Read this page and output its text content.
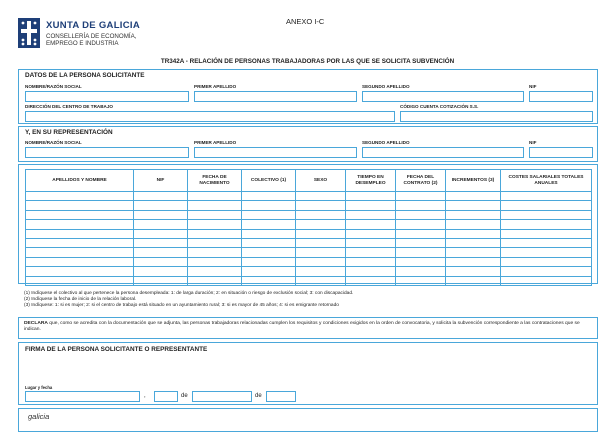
XUNTA DE GALICIA
CONSELLERÍA DE ECONOMÍA,
EMPREGO E INDUSTRIA
ANEXO I-C
TR342A - RELACIÓN DE PERSONAS TRABAJADORAS POR LAS QUE SE SOLICITA SUBVENCIÓN
DATOS DE LA PERSONA SOLICITANTE
NOMBRE/RAZÓN SOCIAL	PRIMER APELLIDO	SEGUNDO APELLIDO	NIF
DIRECCIÓN DEL CENTRO DE TRABAJO	CÓDIGO CUENTA COTIZACIÓN S.S.
Y, EN SU REPRESENTACIÓN
NOMBRE/RAZÓN SOCIAL	PRIMER APELLIDO	SEGUNDO APELLIDO	NIF
APELLIDOS Y NOMBRE	NIF	FECHA DE NACIMIENTO	COLECTIVO (1)	SEXO	TIEMPO EN DESEMPLEO	FECHA DEL CONTRATO (2)	INCREMENTOS (3)	COSTES SALARIALES TOTALES ANUALES

(1) Indíquese el colectivo al que pertenece la persona desempleada: 1: de larga duración; 2: en situación o riesgo de exclusión social; 3: con discapacidad.
(2) Indíquese la fecha de inicio de la relación laboral.
(3) Indíquese: 1: si es mujer; 2: si el centro de trabajo está situado en un ayuntamiento rural; 3: si es mayor de 45 años; 4: si es emigrante retornado
DECLARA que, como se acredita con la documentación que se adjunta, las personas trabajadoras relacionadas cumplen los requisitos y condiciones exigidos en la orden de convocatoria, y solicita la subvención correspondiente a las contrataciones que se indican.
FIRMA DE LA PERSONA SOLICITANTE O REPRESENTANTE
Lugar y fecha
,	de	de
galicia
